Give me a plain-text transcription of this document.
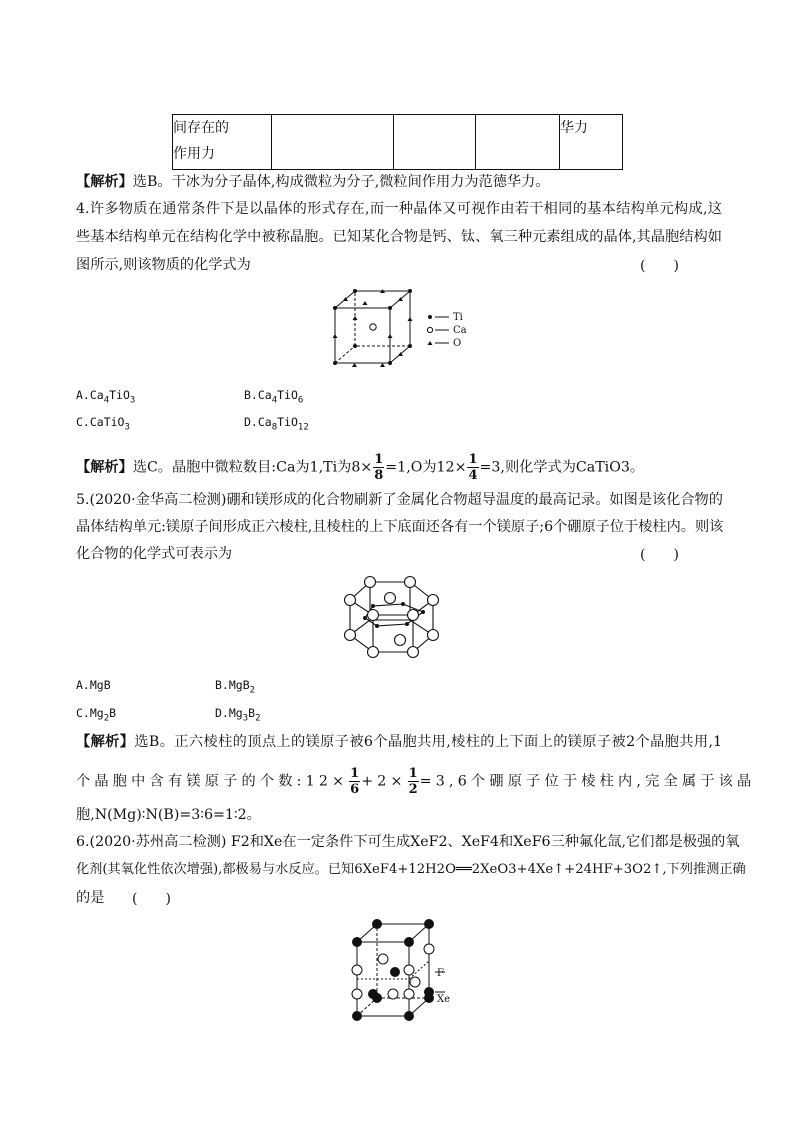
间存在的
作用力				华力
【解析】选B。干冰为分子晶体,构成微粒为分子,微粒间作用力为范德华力。
4.许多物质在通常条件下是以晶体的形式存在,而一种晶体又可视作由若干相同的基本结构单元构成,这
些基本结构单元在结构化学中被称晶胞。已知某化合物是钙、钛、氧三种元素组成的晶体,其晶胞结构如
图所示,则该物质的化学式为	(　　)
Ti
Ca
O
$A.Ca_4TiO_3$	$B.Ca_4TiO_6$
C.CaTiO$_3$	$D.Ca_8TiO_{12}$
【解析】选C。晶胞中微粒数目:Ca为1,Ti为$8\times \frac{1}{8} =1,O$为$12\times \frac{1}{4} =3$,则化学式为CaTiO3。
5.(2020·金华高二检测)硼和镁形成的化合物刷新了金属化合物超导温度的最高记录。如图是该化合物的
晶体结构单元:镁原子间形成正六棱柱,且棱柱的上下底面还各有一个镁原子;6个硼原子位于棱柱内。则该
化合物的化学式可表示为	(　　)
A.MgB	B.MgB$_2$
$C.Mg_2B$	$D.Mg_3B_2$
【解析】选B。正六棱柱的顶点上的镁原子被6个晶胞共用,棱柱的上下面上的镁原子被2个晶胞共用,1
个晶胞中含有镁原子的个数:12× $\frac{1}{6} +2\times \frac{1}{2} =3,6$个硼原子位于棱柱内,完全属于该晶
胞,N(Mg)∶N(B)=3∶6=1∶2。
6.(2020·苏州高二检测) F2和Xe在一定条件下可生成XeF2、XeF4和XeF6三种氟化氙,它们都是极强的氧
化剂(其氧化性依次增强),都极易与水反应。已知6XeF4+12H2O══2XeO3+4Xe↑+24HF+3O2↑,下列推测正确
的是	(　　)
F
Xe
